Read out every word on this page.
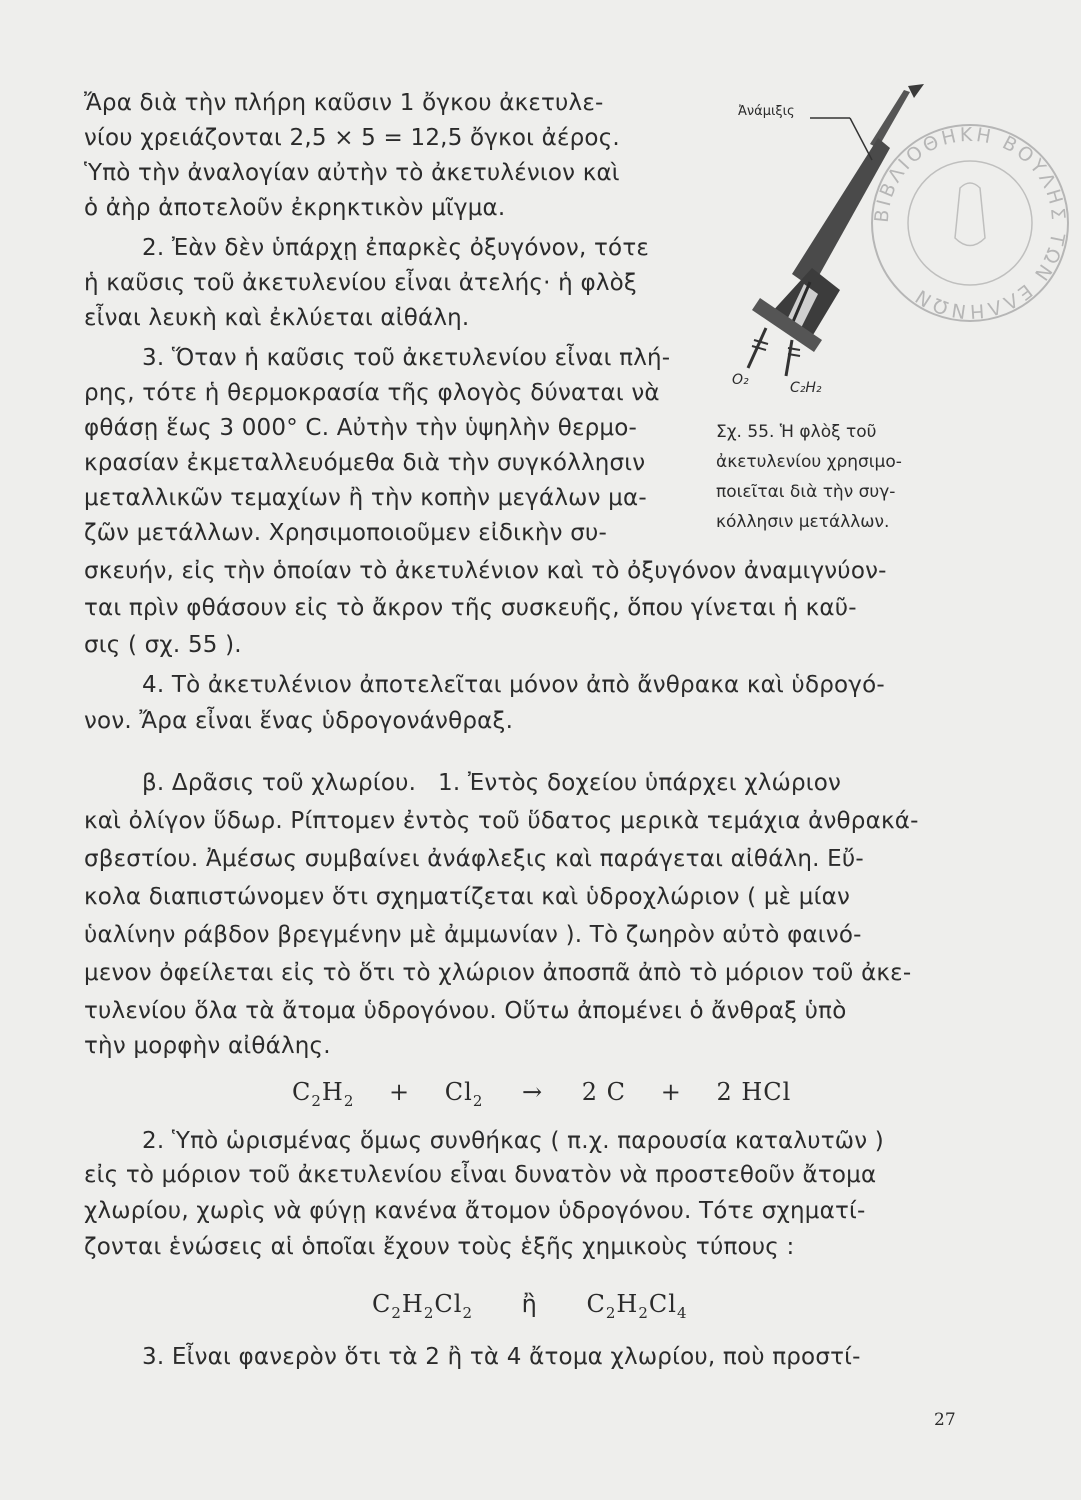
Ἄρα διὰ τὴν πλήρη καῦσιν 1 ὄγκου ἀκετυλε-

νίου χρειάζονται 2,5 × 5 = 12,5 ὄγκοι ἀέρος.

Ὑπὸ τὴν ἀναλογίαν αὐτὴν τὸ ἀκετυλένιον καὶ

ὁ ἀὴρ ἀποτελοῦν ἐκρηκτικὸν μῖγμα.

2. Ἐὰν δὲν ὑπάρχῃ ἐπαρκὲς ὀξυγόνον, τότε

ἡ καῦσις τοῦ ἀκετυλενίου εἶναι ἀτελής· ἡ φλὸξ

εἶναι λευκὴ καὶ ἐκλύεται αἰθάλη.

3. Ὅταν ἡ καῦσις τοῦ ἀκετυλενίου εἶναι πλή-

ρης, τότε ἡ θερμοκρασία τῆς φλογὸς δύναται νὰ

φθάσῃ ἕως 3 000° C. Αὐτὴν τὴν ὑψηλὴν θερμο-

κρασίαν ἐκμεταλλευόμεθα διὰ τὴν συγκόλλησιν

μεταλλικῶν τεμαχίων ἢ τὴν κοπὴν μεγάλων μα-

ζῶν μετάλλων. Χρησιμοποιοῦμεν εἰδικὴν συ-

σκευήν, εἰς τὴν ὁποίαν τὸ ἀκετυλένιον καὶ τὸ ὀξυγόνον ἀναμιγνύον-

ται πρὶν φθάσουν εἰς τὸ ἄκρον τῆς συσκευῆς, ὅπου γίνεται ἡ καῦ-

σις ( σχ. 55 ).

4. Τὸ ἀκετυλένιον ἀποτελεῖται μόνον ἀπὸ ἄνθρακα καὶ ὑδρογό-

νον. Ἄρα εἶναι ἕνας ὑδρογονάνθραξ.

β. Δρᾶσις τοῦ χλωρίου. 1. Ἐντὸς δοχείου ὑπάρχει χλώριον

καὶ ὀλίγον ὕδωρ. Ρίπτομεν ἐντὸς τοῦ ὕδατος μερικὰ τεμάχια ἀνθρακά-

σβεστίου. Ἀμέσως συμβαίνει ἀνάφλεξις καὶ παράγεται αἰθάλη. Εὔ-

κολα διαπιστώνομεν ὅτι σχηματίζεται καὶ ὑδροχλώριον ( μὲ μίαν

ὑαλίνην ράβδον βρεγμένην μὲ ἀμμωνίαν ). Τὸ ζωηρὸν αὐτὸ φαινό-

μενον ὀφείλεται εἰς τὸ ὅτι τὸ χλώριον ἀποσπᾶ ἀπὸ τὸ μόριον τοῦ ἀκε-

τυλενίου ὅλα τὰ ἄτομα ὑδρογόνου. Οὕτω ἀπομένει ὁ ἄνθραξ ὑπὸ

τὴν μορφὴν αἰθάλης.

$C_2H_2 + Cl_2 \to 2$ C + 2 HCl

2. Ὑπὸ ὡρισμένας ὅμως συνθήκας ( π.χ. παρουσία καταλυτῶν )

εἰς τὸ μόριον τοῦ ἀκετυλενίου εἶναι δυνατὸν νὰ προστεθοῦν ἄτομα

χλωρίου, χωρὶς νὰ φύγῃ κανένα ἄτομον ὑδρογόνου. Τότε σχηματί-

ζονται ἑνώσεις αἱ ὁποῖαι ἔχουν τοὺς ἑξῆς χημικοὺς τύπους :

$C_2H_2Cl_2$ ἢ $C_2H_2Cl_4$

3. Εἶναι φανερὸν ὅτι τὰ 2 ἢ τὰ 4 ἄτομα χλωρίου, ποὺ προστί-

Ἀνάμιξις
O₂	C₂H₂
Σχ. 55. Ἡ φλὸξ τοῦ
ἀκετυλενίου χρησιμο-
ποιεῖται διὰ τὴν συγ-
κόλλησιν μετάλλων.
ΒΙΒΛΙΟΘΗΚΗ ΒΟΥΛΗΣ ΤΩΝ ΕΛΛΗΝΩΝ
27
